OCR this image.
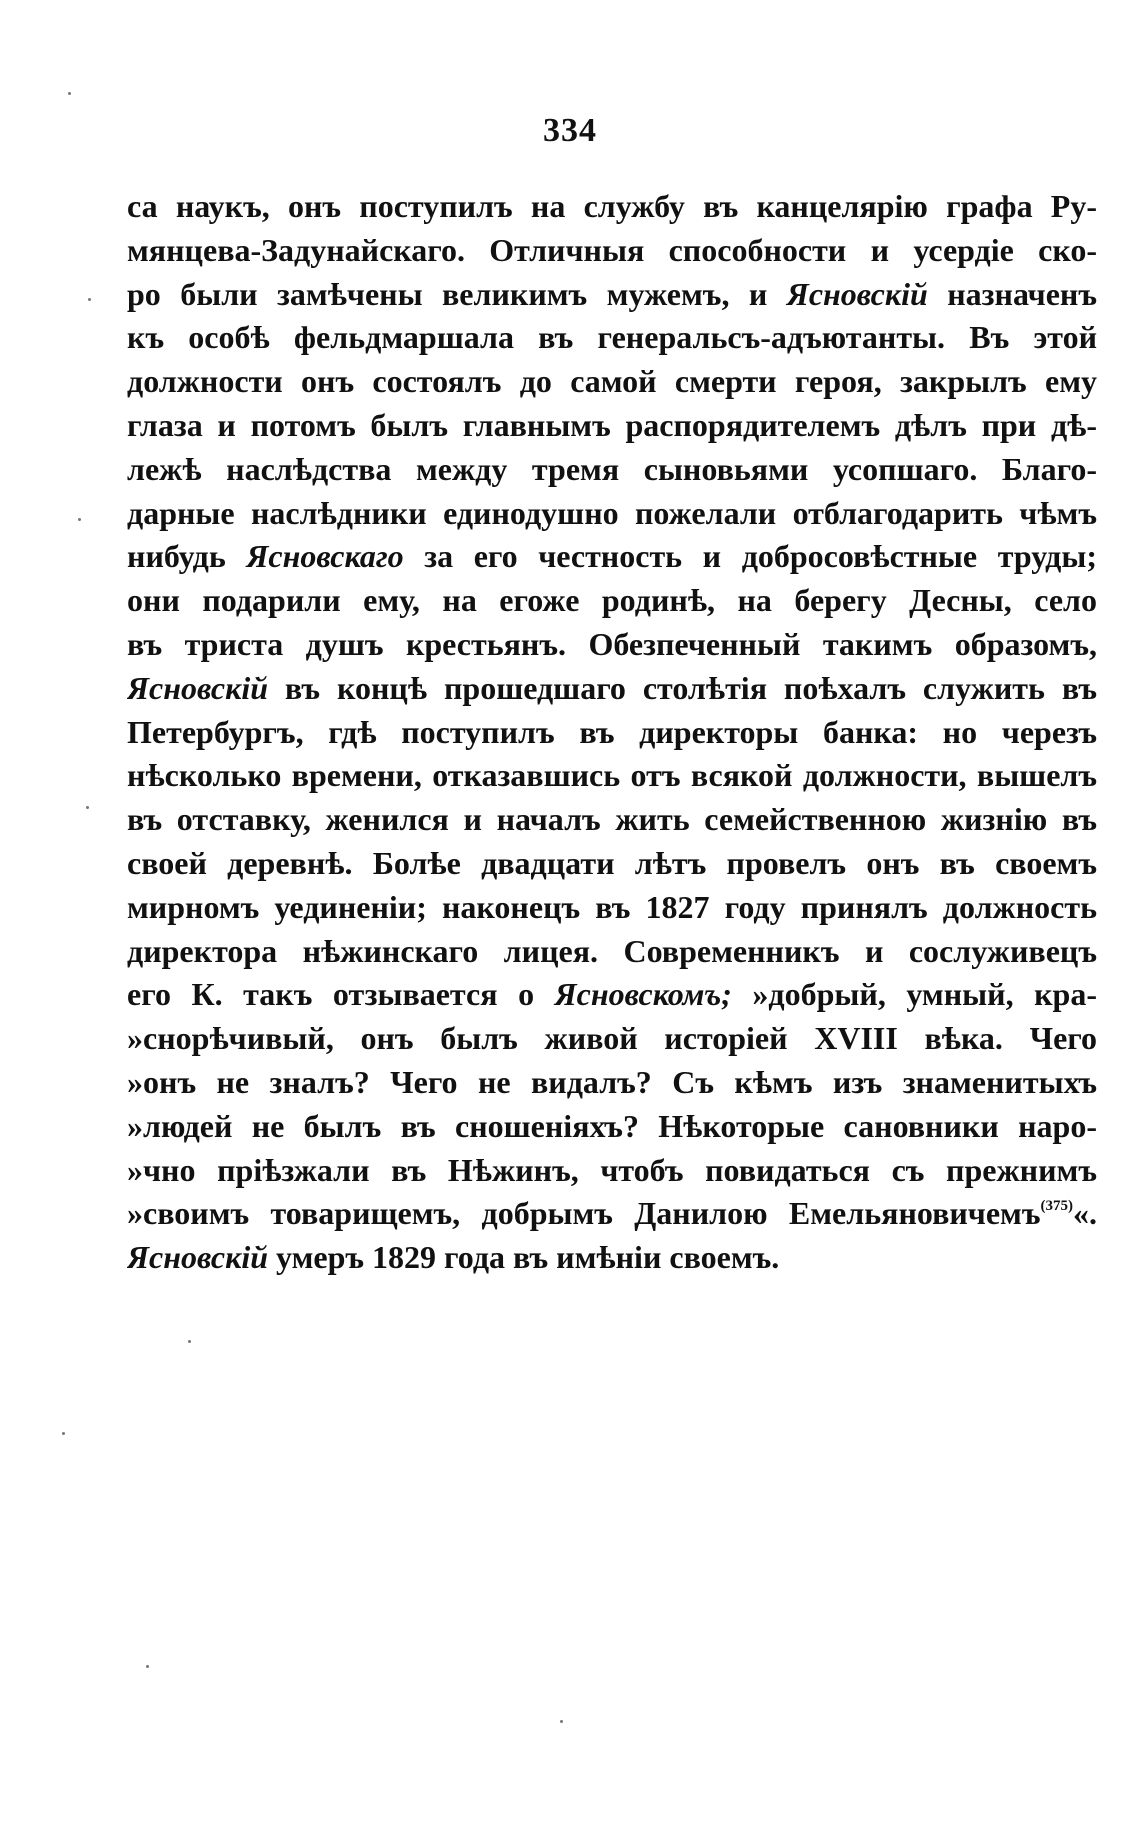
334
са наукъ, онъ поступилъ на службу въ канцелярію графа Ру-
мянцева-Задунайскаго. Отличныя способности и усердіе ско-
ро были замѣчены великимъ мужемъ, и Ясновскій назначенъ
къ особѣ фельдмаршала въ генеральсъ-адъютанты. Въ этой
должности онъ состоялъ до самой смерти героя, закрылъ ему
глаза и потомъ былъ главнымъ распорядителемъ дѣлъ при дѣ-
лежѣ наслѣдства между тремя сыновьями усопшаго. Благо-
дарные наслѣдники единодушно пожелали отблагодарить чѣмъ
нибудь Ясновскаго за его честность и добросовѣстные труды;
они подарили ему, на егоже родинѣ, на берегу Десны, село
въ триста душъ крестьянъ. Обезпеченный такимъ образомъ,
Ясновскій въ концѣ прошедшаго столѣтія поѣхалъ служить въ
Петербургъ, гдѣ поступилъ въ директоры банка: но черезъ
нѣсколько времени, отказавшись отъ всякой должности, вышелъ
въ отставку, женился и началъ жить семейственною жизнію въ
своей деревнѣ. Болѣе двадцати лѣтъ провелъ онъ въ своемъ
мирномъ уединеніи; наконецъ въ 1827 году принялъ должность
директора нѣжинскаго лицея. Современникъ и сослуживецъ
его К. такъ отзывается о Ясновскомъ; »добрый, умный, кра-
»снорѣчивый, онъ былъ живой исторіей XVIII вѣка. Чего
»онъ не зналъ? Чего не видалъ? Съ кѣмъ изъ знаменитыхъ
»людей не былъ въ сношеніяхъ? Нѣкоторые сановники наро-
»чно пріѣзжали въ Нѣжинъ, чтобъ повидаться съ прежнимъ
»своимъ товарищемъ, добрымъ Данилою Емельяновичемъ$^{(375)}$«.
Ясновскій умеръ 1829 года въ имѣніи своемъ.
